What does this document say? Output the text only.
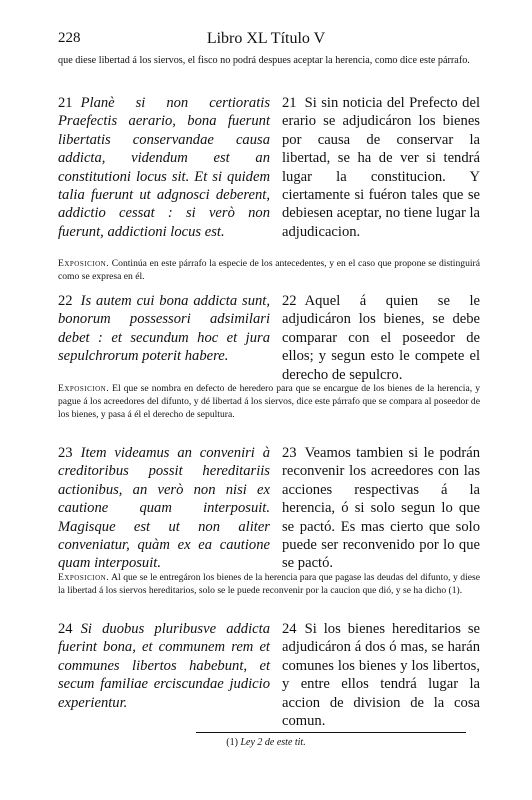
228	Libro XL Título V
que diese libertad á los siervos, el fisco no podrá despues aceptar la herencia, como dice este párrafo.
21 Planè si non certioratis Praefectis aerario, bona fuerunt libertatis conservandae causa addicta, videndum est an constitutioni locus sit. Et si quidem talia fuerunt ut adgnosci deberent, addictio cessat : si verò non fuerunt, addictioni locus est.
21 Si sin noticia del Prefecto del erario se adjudicáron los bienes por causa de conservar la libertad, se ha de ver si tendrá lugar la constitucion. Y ciertamente si fuéron tales que se debiesen aceptar, no tiene lugar la adjudicacion.
Exposicion. Continúa en este párrafo la especie de los antecedentes, y en el caso que propone se distinguirá como se expresa en él.
22 Is autem cui bona addicta sunt, bonorum possessori adsimilari debet : et secundum hoc et jura sepulchrorum poterit habere.
22 Aquel á quien se le adjudicáron los bienes, se debe comparar con el poseedor de ellos; y segun esto le compete el derecho de sepulcro.
Exposicion. El que se nombra en defecto de heredero para que se encargue de los bienes de la herencia, y pague á los acreedores del difunto, y dé libertad á los siervos, dice este párrafo que se compara al poseedor de los bienes, y pasa á él el derecho de sepultura.
23 Item videamus an conveniri à creditoribus possit hereditariis actionibus, an verò non nisi ex cautione quam interposuit. Magisque est ut non aliter conveniatur, quàm ex ea cautione quam interposuit.
23 Veamos tambien si le podrán reconvenir los acreedores con las acciones respectivas á la herencia, ó si solo segun lo que se pactó. Es mas cierto que solo puede ser reconvenido por lo que se pactó.
Exposicion. Al que se le entregáron los bienes de la herencia para que pagase las deudas del difunto, y diese la libertad á los siervos hereditarios, solo se le puede reconvenir por la caucion que dió, y se ha dicho (1).
24 Si duobus pluribusve addicta fuerint bona, et communem rem et communes libertos habebunt, et secum familiae erciscundae judicio experientur.
24 Si los bienes hereditarios se adjudicáron á dos ó mas, se harán comunes los bienes y los libertos, y entre ellos tendrá lugar la accion de division de la cosa comun.
(1) Ley 2 de este tit.
